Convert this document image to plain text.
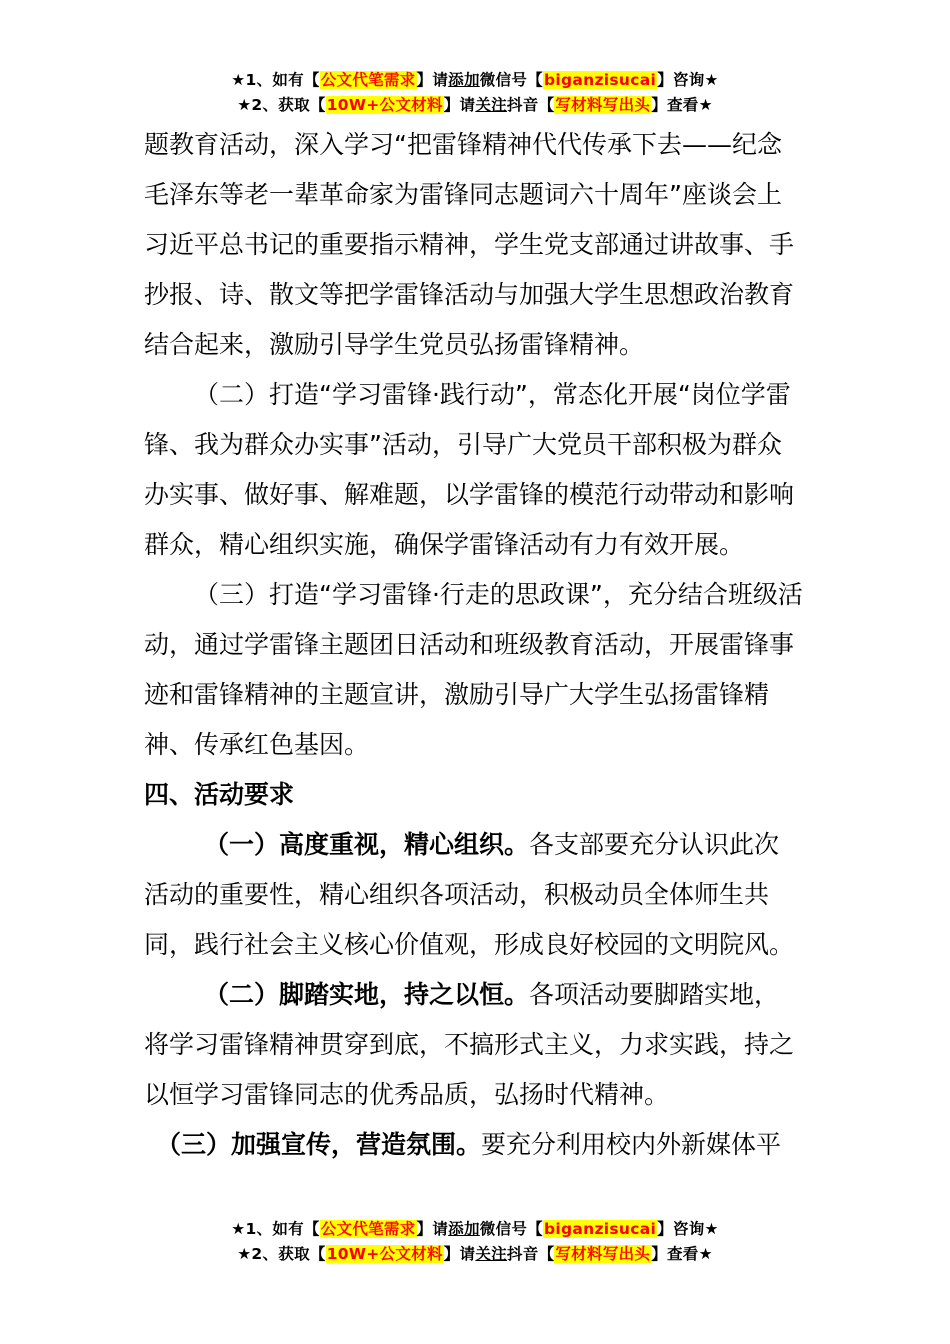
★1、如有【公文代笔需求】请添加微信号【biganzisucai】咨询★
★2、获取【10W+公文材料】请关注抖音【写材料写出头】查看★

题教育活动，深入学习“把雷锋精神代代传承下去——纪念毛泽东等老一辈革命家为雷锋同志题词六十周年”座谈会上习近平总书记的重要指示精神，学生党支部通过讲故事、手抄报、诗、散文等把学雷锋活动与加强大学生思想政治教育结合起来，激励引导学生党员弘扬雷锋精神。

（二）打造“学习雷锋·践行动”，常态化开展“岗位学雷锋、我为群众办实事”活动，引导广大党员干部积极为群众办实事、做好事、解难题，以学雷锋的模范行动带动和影响群众，精心组织实施，确保学雷锋活动有力有效开展。

（三）打造“学习雷锋·行走的思政课”，充分结合班级活动，通过学雷锋主题团日活动和班级教育活动，开展雷锋事迹和雷锋精神的主题宣讲，激励引导广大学生弘扬雷锋精神、传承红色基因。

四、活动要求

（一）高度重视，精心组织。各支部要充分认识此次活动的重要性，精心组织各项活动，积极动员全体师生共同，践行社会主义核心价值观，形成良好校园的文明院风。

（二）脚踏实地，持之以恒。各项活动要脚踏实地，将学习雷锋精神贯穿到底，不搞形式主义，力求实践，持之以恒学习雷锋同志的优秀品质，弘扬时代精神。

（三）加强宣传，营造氛围。要充分利用校内外新媒体平

★1、如有【公文代笔需求】请添加微信号【biganzisucai】咨询★
★2、获取【10W+公文材料】请关注抖音【写材料写出头】查看★
